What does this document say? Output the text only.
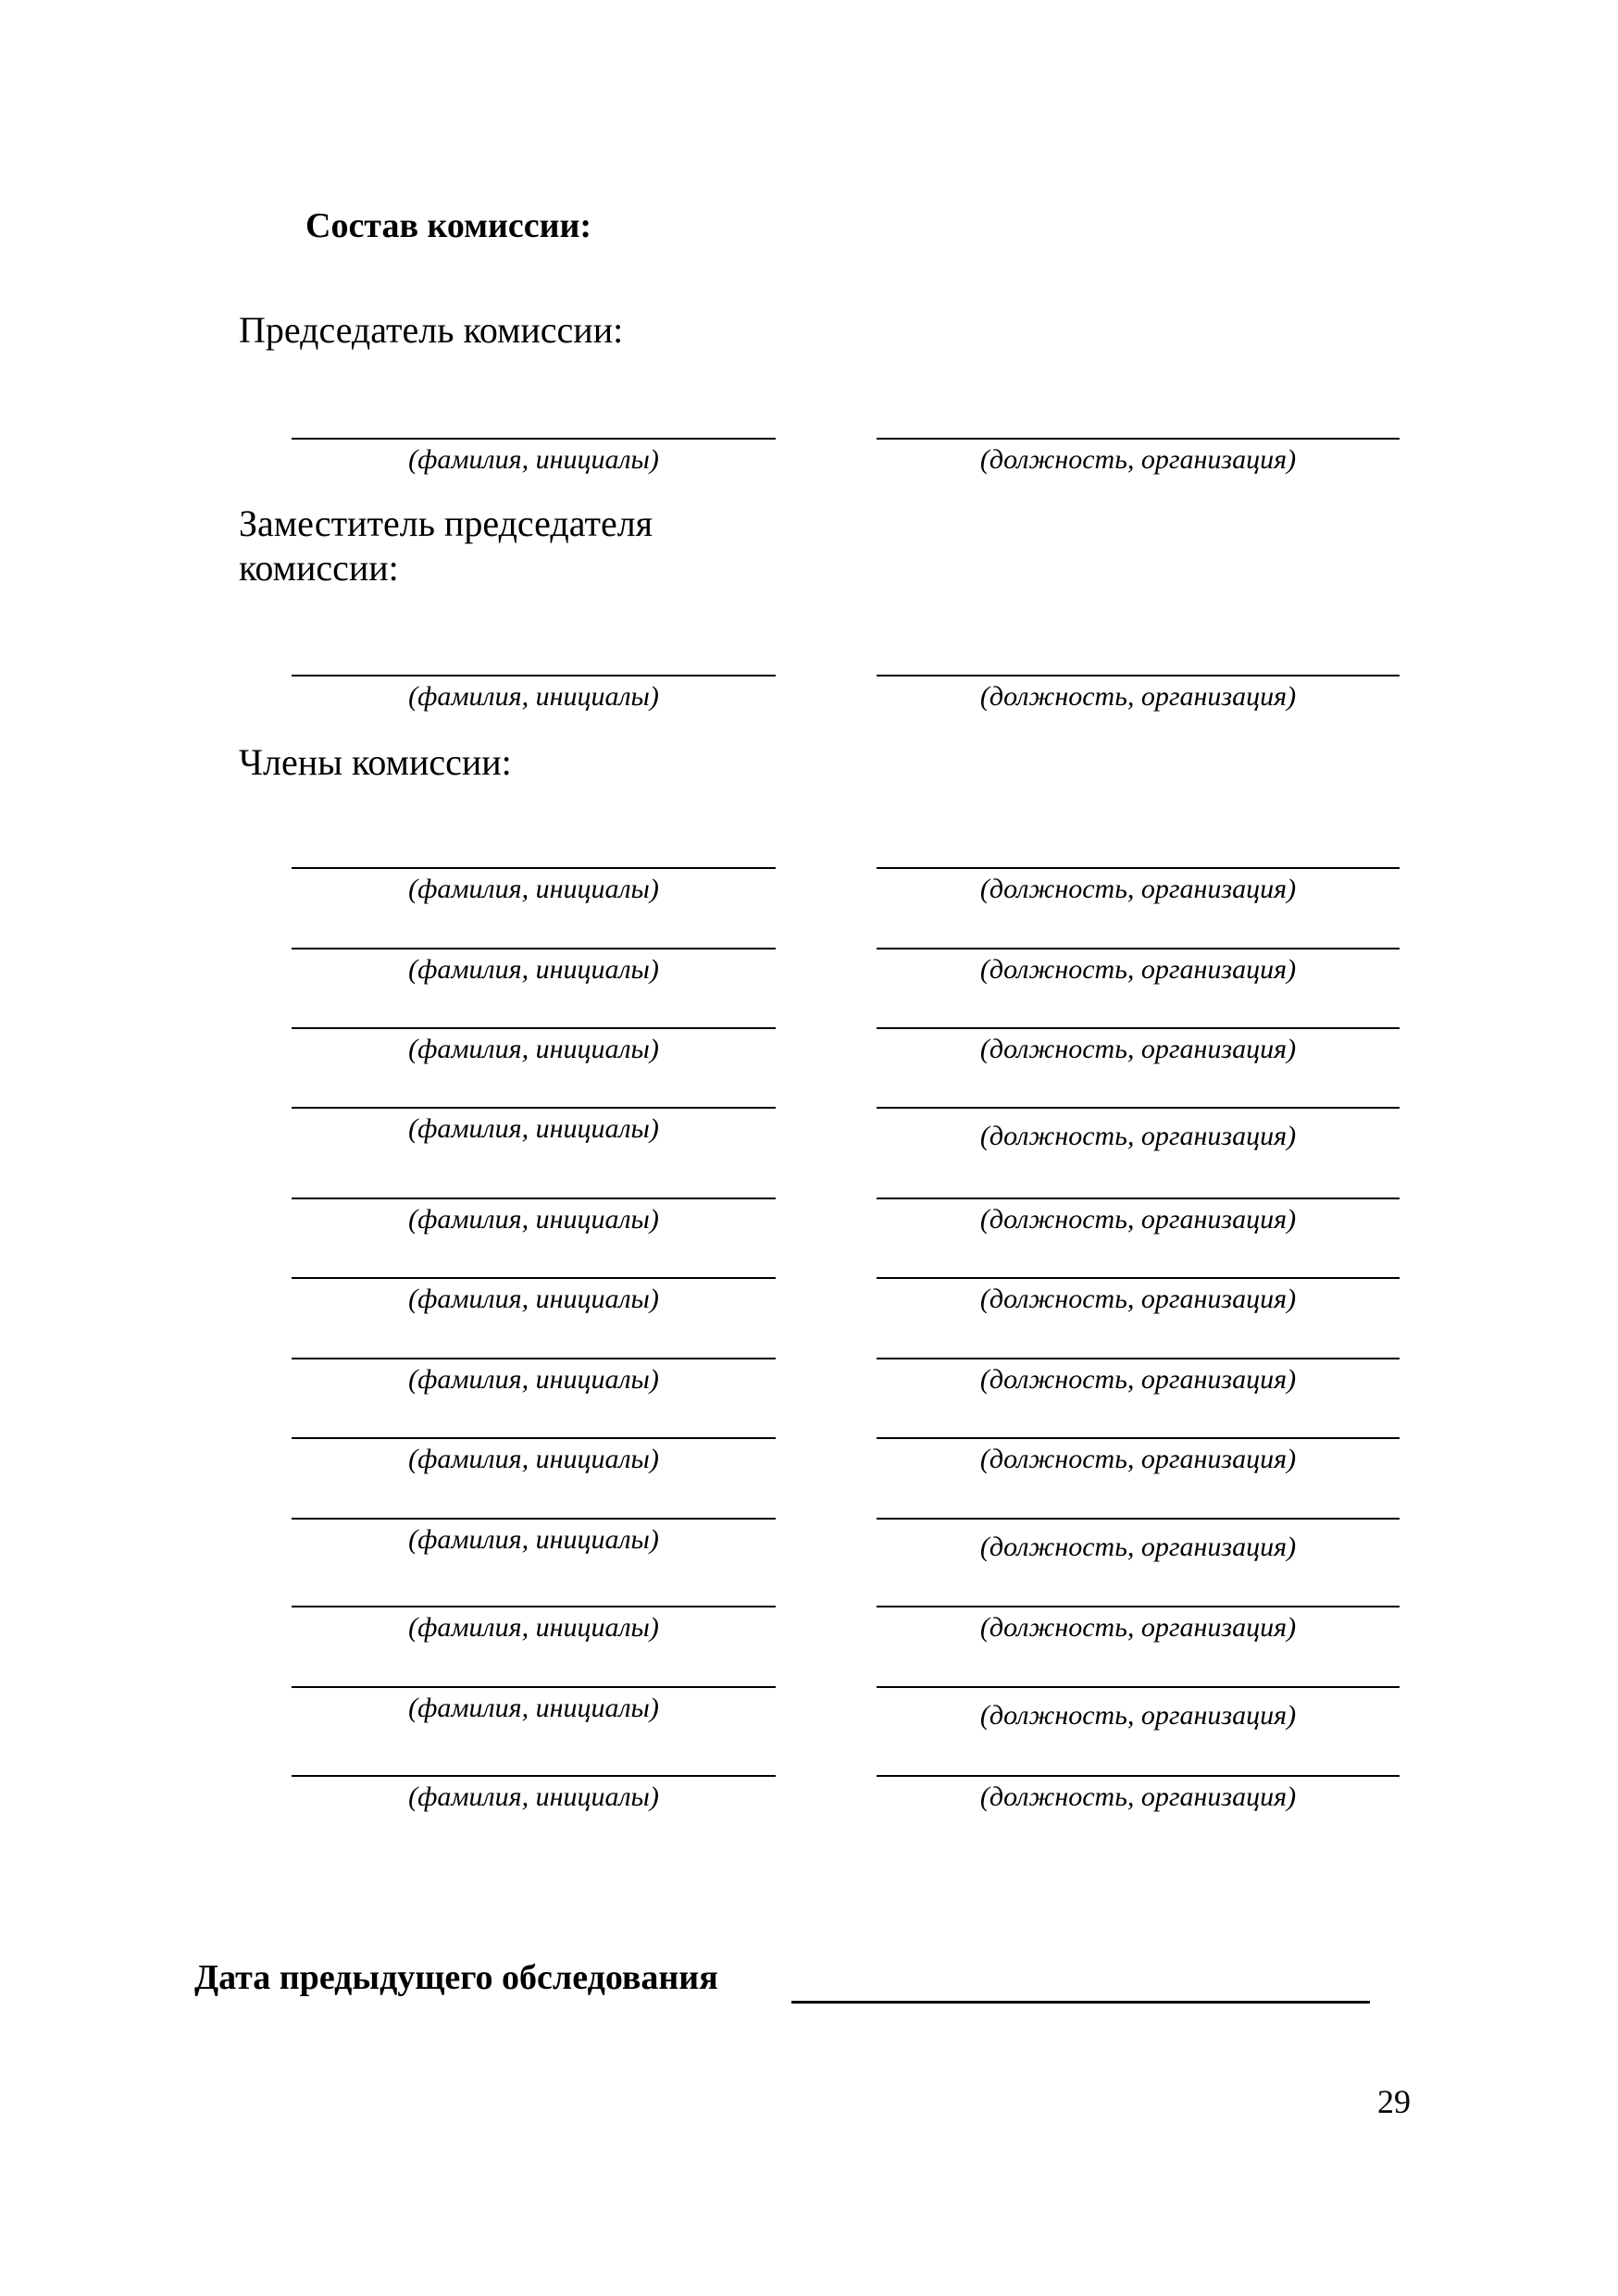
Состав комиссии:
Председатель комиссии:
(фамилия, инициалы)	(должность, организация)
Заместитель председателя
комиссии:
(фамилия, инициалы)	(должность, организация)
Члены комиссии:
(фамилия, инициалы)	(должность, организация)
(фамилия, инициалы)	(должность, организация)
(фамилия, инициалы)	(должность, организация)
(фамилия, инициалы)	(должность, организация)
(фамилия, инициалы)	(должность, организация)
(фамилия, инициалы)	(должность, организация)
(фамилия, инициалы)	(должность, организация)
(фамилия, инициалы)	(должность, организация)
(фамилия, инициалы)	(должность, организация)
(фамилия, инициалы)	(должность, организация)
(фамилия, инициалы)	(должность, организация)
(фамилия, инициалы)	(должность, организация)
Дата предыдущего обследования
29
